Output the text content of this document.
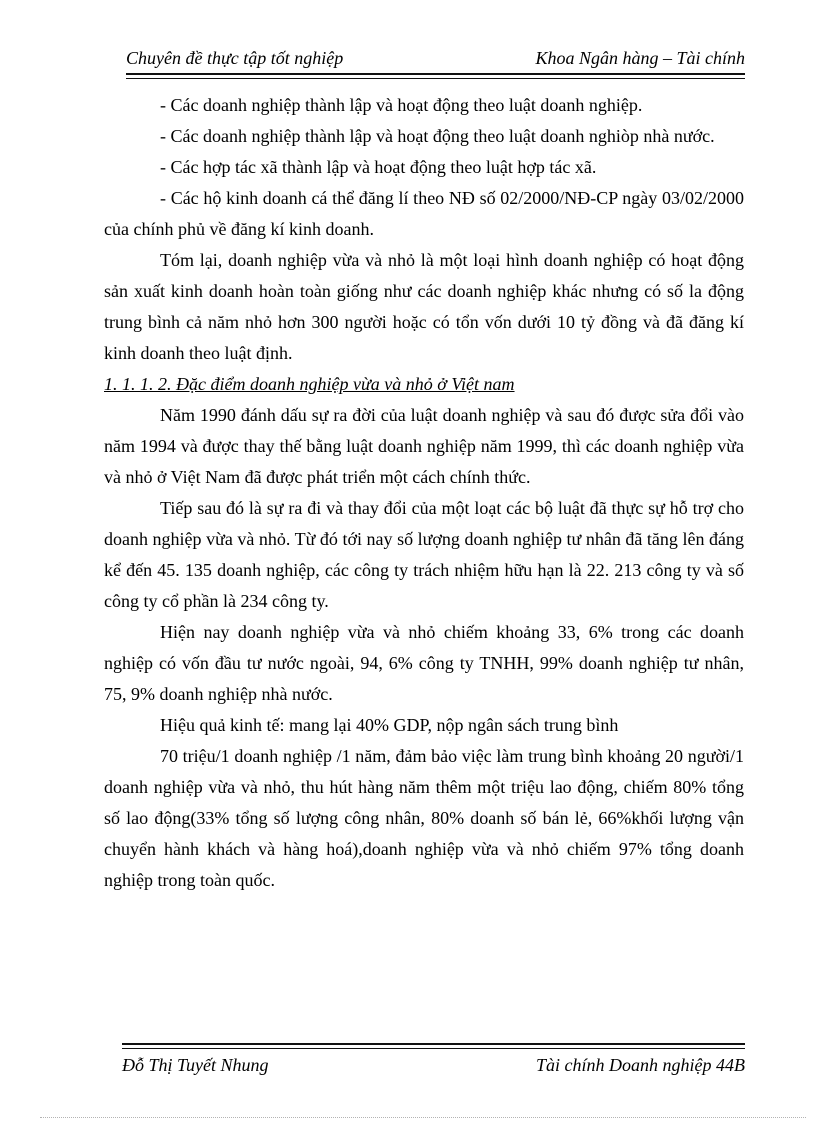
Chuyên đề thực tập tốt nghiệp	Khoa Ngân hàng – Tài chính

- Các doanh nghiệp thành lập và hoạt động theo luật doanh nghiệp.

- Các doanh nghiệp thành lập và hoạt động theo luật doanh nghiòp nhà nước.

- Các hợp tác xã thành lập và hoạt động theo luật hợp tác xã.

- Các hộ kinh doanh cá thể đăng lí theo NĐ số 02/2000/NĐ-CP ngày 03/02/2000 của chính phủ về đăng kí kinh doanh.

Tóm lại, doanh nghiệp vừa và nhỏ là một loại hình doanh nghiệp có hoạt động sản xuất kinh doanh hoàn toàn giống như các doanh nghiệp khác nhưng có số la động trung bình cả năm nhỏ hơn 300 người hoặc có tổn vốn dưới 10 tỷ đồng và đã đăng kí kinh doanh theo luật định.

1. 1. 1. 2. Đặc điểm doanh nghiệp vừa và nhỏ ở Việt nam

Năm 1990 đánh dấu sự ra đời của luật doanh nghiệp và sau đó được sửa đổi vào năm 1994 và được thay thế bằng luật doanh nghiệp năm 1999, thì các doanh nghiệp vừa và nhỏ ở Việt Nam đã được phát triển một cách chính thức.

Tiếp sau đó là sự ra đi và thay đổi của một loạt các bộ luật đã thực sự hỗ trợ cho doanh nghiệp vừa và nhỏ. Từ đó tới nay số lượng doanh nghiệp tư nhân đã tăng lên đáng kể đến 45. 135 doanh nghiệp, các công ty trách nhiệm hữu hạn là 22. 213 công ty và số công ty cổ phần là 234 công ty.

Hiện nay doanh nghiệp vừa và nhỏ chiếm khoảng 33, 6% trong các doanh nghiệp có vốn đầu tư nước ngoài, 94, 6% công ty TNHH, 99% doanh nghiệp tư nhân, 75, 9% doanh nghiệp nhà nước.

Hiệu quả kinh tế: mang lại 40% GDP, nộp ngân sách trung bình

70 triệu/1 doanh nghiệp /1 năm, đảm bảo việc làm trung bình khoảng 20 người/1 doanh nghiệp vừa và nhỏ, thu hút hàng năm thêm một triệu lao động, chiếm 80% tổng số lao động(33% tổng số lượng công nhân, 80% doanh số bán lẻ, 66%khối lượng vận chuyển hành khách và hàng hoá),doanh nghiệp vừa và nhỏ chiếm 97% tổng doanh nghiệp trong toàn quốc.

Đỗ Thị Tuyết Nhung	Tài chính Doanh nghiệp 44B
